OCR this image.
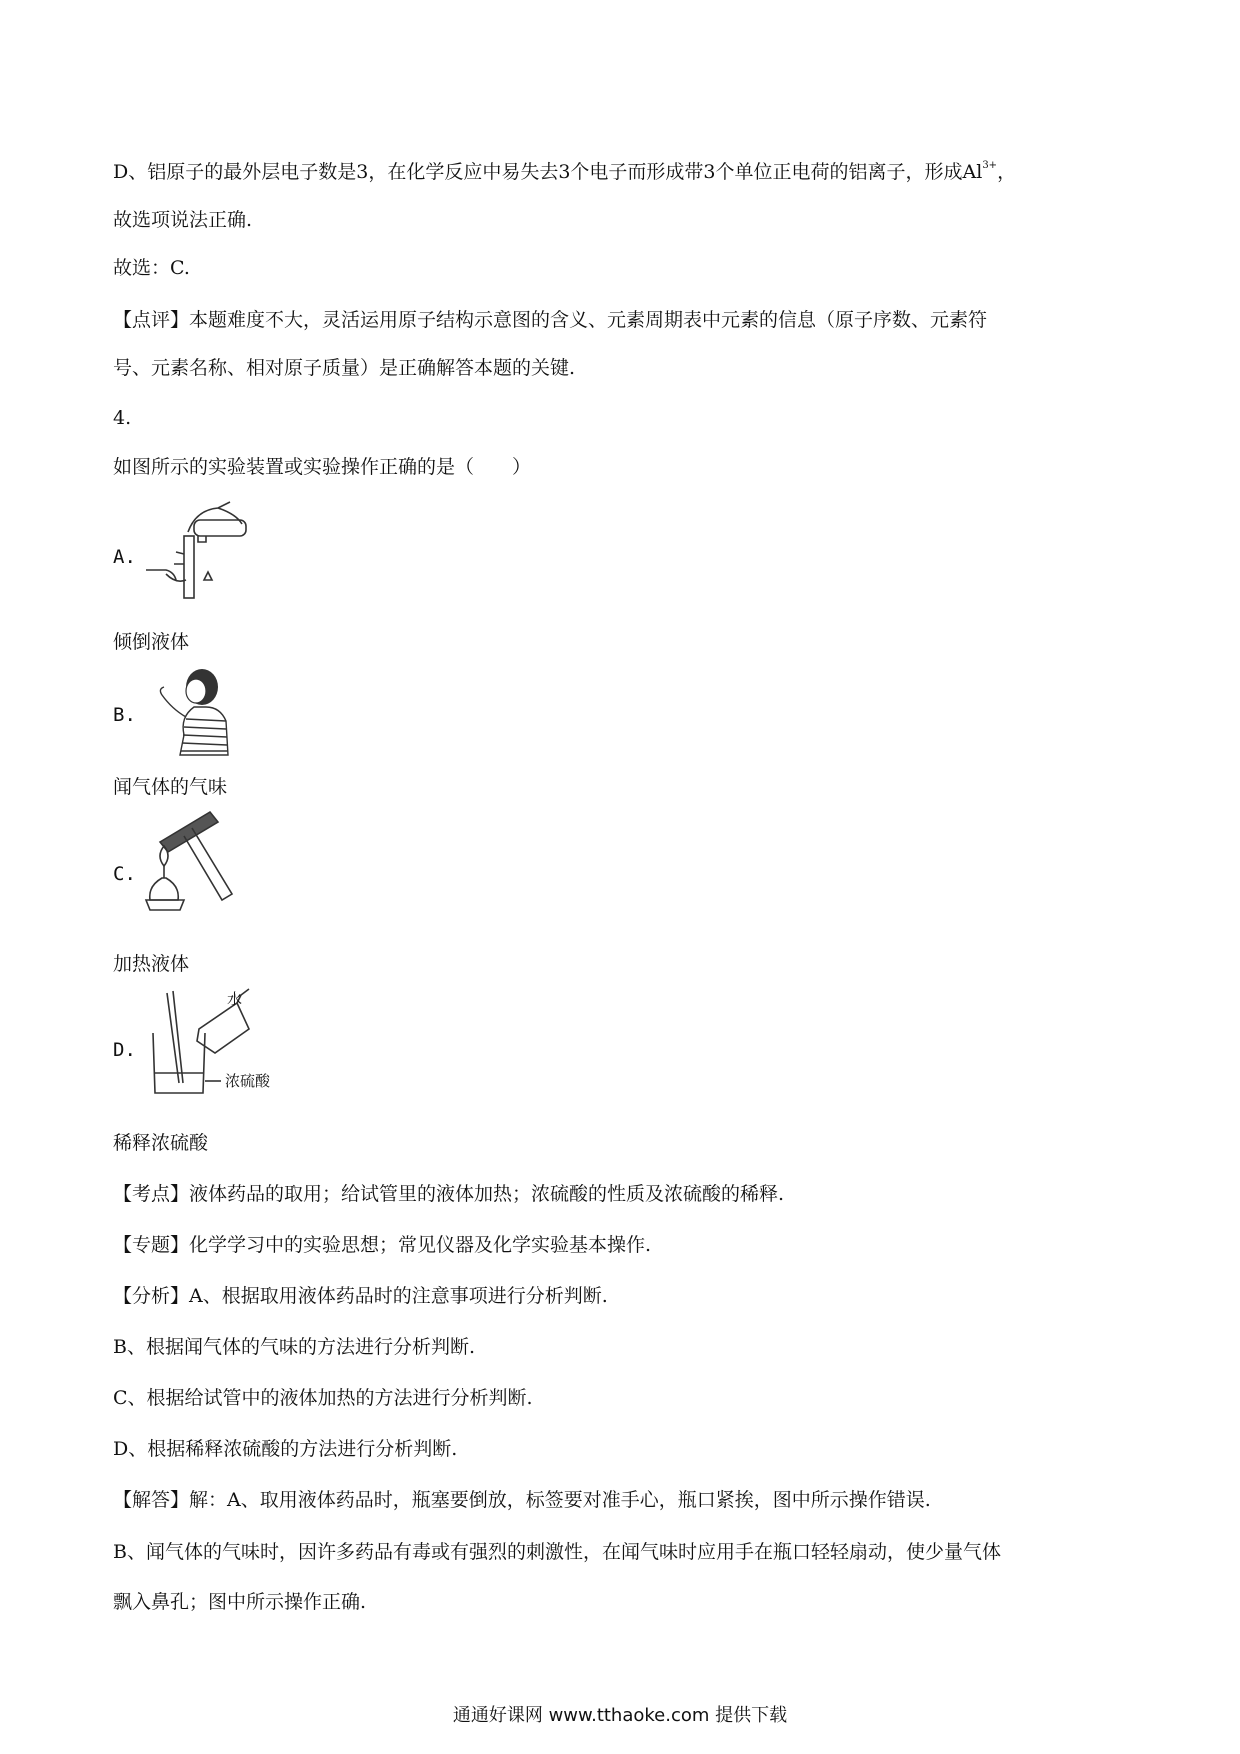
D、铝原子的最外层电子数是3，在化学反应中易失去3个电子而形成带3个单位正电荷的铝离子，形成$Al^{3+}$，
故选项说法正确.
故选：C.
【点评】本题难度不大，灵活运用原子结构示意图的含义、元素周期表中元素的信息（原子序数、元素符
号、元素名称、相对原子质量）是正确解答本题的关键.
4.
如图所示的实验装置或实验操作正确的是（　　）
A.
倾倒液体
B.
闻气体的气味
C.
加热液体
D.
水
浓硫酸
稀释浓硫酸
【考点】液体药品的取用；给试管里的液体加热；浓硫酸的性质及浓硫酸的稀释.
【专题】化学学习中的实验思想；常见仪器及化学实验基本操作.
【分析】A、根据取用液体药品时的注意事项进行分析判断.
B、根据闻气体的气味的方法进行分析判断.
C、根据给试管中的液体加热的方法进行分析判断.
D、根据稀释浓硫酸的方法进行分析判断.
【解答】解：A、取用液体药品时，瓶塞要倒放，标签要对准手心，瓶口紧挨，图中所示操作错误.
B、闻气体的气味时，因许多药品有毒或有强烈的刺激性，在闻气味时应用手在瓶口轻轻扇动，使少量气体
飘入鼻孔；图中所示操作正确.
通通好课网 www.tthaoke.com 提供下载
